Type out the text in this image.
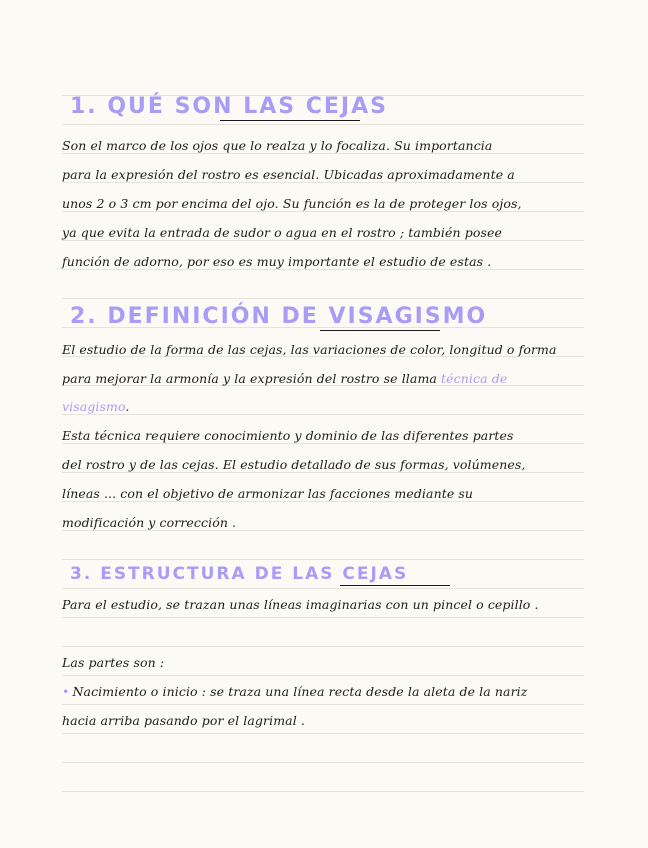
1. QUÉ SON LAS CEJAS
Son el marco de los ojos que lo realza y lo focaliza. Su importancia
para la expresión del rostro es esencial. Ubicadas aproximadamente a
unos 2 o 3 cm por encima del ojo. Su función es la de proteger los ojos,
ya que evita la entrada de sudor o agua en el rostro ; también posee
función de adorno, por eso es muy importante el estudio de estas .
2. DEFINICIÓN DE VISAGISMO
El estudio de la forma de las cejas, las variaciones de color, longitud o forma
para mejorar la armonía y la expresión del rostro se llama técnica de
visagismo.
Esta técnica requiere conocimiento y dominio de las diferentes partes
del rostro y de las cejas. El estudio detallado de sus formas, volúmenes,
líneas ... con el objetivo de armonizar las facciones mediante su
modificación y corrección .
3. ESTRUCTURA DE LAS CEJAS
Para el estudio, se trazan unas líneas imaginarias con un pincel o cepillo .
Las partes son :
• Nacimiento o inicio : se traza una línea recta desde la aleta de la nariz
hacia arriba pasando por el lagrimal .
